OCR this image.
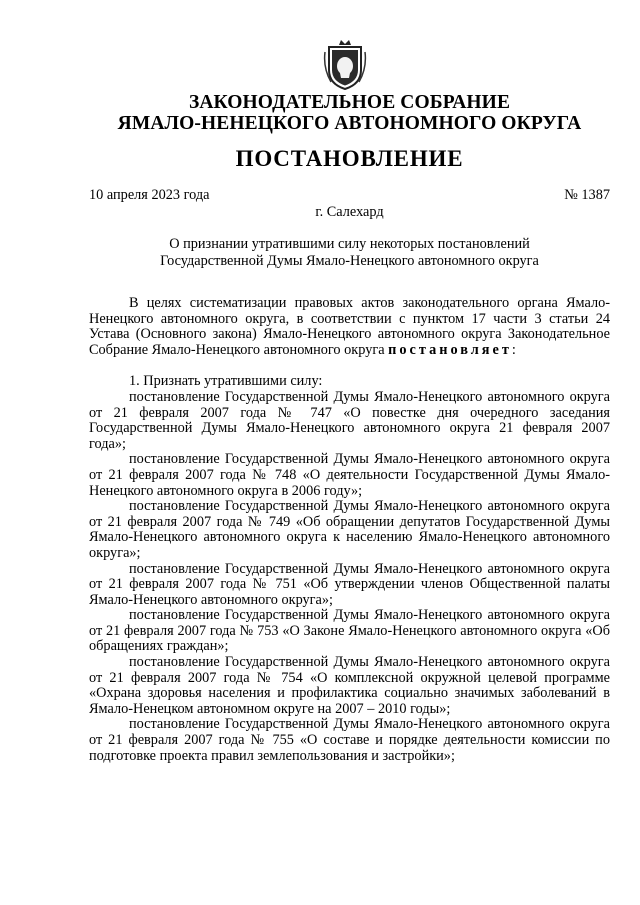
ЗАКОНОДАТЕЛЬНОЕ СОБРАНИЕ
ЯМАЛО-НЕНЕЦКОГО АВТОНОМНОГО ОКРУГА
ПОСТАНОВЛЕНИЕ
10 апреля 2023 года	№ 1387
г. Салехард
О признании утратившими силу некоторых постановлений
Государственной Думы Ямало-Ненецкого автономного округа

В целях систематизации правовых актов законодательного органа Ямало-Ненецкого автономного округа, в соответствии с пунктом 17 части 3 статьи 24 Устава (Основного закона) Ямало-Ненецкого автономного округа Законодательное Собрание Ямало-Ненецкого автономного округа постановляет:

1. Признать утратившими силу:

постановление Государственной Думы Ямало-Ненецкого автономного округа от 21 февраля 2007 года № 747 «О повестке дня очередного заседания Государственной Думы Ямало-Ненецкого автономного округа 21 февраля 2007 года»;

постановление Государственной Думы Ямало-Ненецкого автономного округа от 21 февраля 2007 года № 748 «О деятельности Государственной Думы Ямало-Ненецкого автономного округа в 2006 году»;

постановление Государственной Думы Ямало-Ненецкого автономного округа от 21 февраля 2007 года № 749 «Об обращении депутатов Государственной Думы Ямало-Ненецкого автономного округа к населению Ямало-Ненецкого автономного округа»;

постановление Государственной Думы Ямало-Ненецкого автономного округа от 21 февраля 2007 года № 751 «Об утверждении членов Общественной палаты Ямало-Ненецкого автономного округа»;

постановление Государственной Думы Ямало-Ненецкого автономного округа от 21 февраля 2007 года № 753 «О Законе Ямало-Ненецкого автономного округа «Об обращениях граждан»;

постановление Государственной Думы Ямало-Ненецкого автономного округа от 21 февраля 2007 года № 754 «О комплексной окружной целевой программе «Охрана здоровья населения и профилактика социально значимых заболеваний в Ямало-Ненецком автономном округе на 2007 – 2010 годы»;

постановление Государственной Думы Ямало-Ненецкого автономного округа от 21 февраля 2007 года № 755 «О составе и порядке деятельности комиссии по подготовке проекта правил землепользования и застройки»;
